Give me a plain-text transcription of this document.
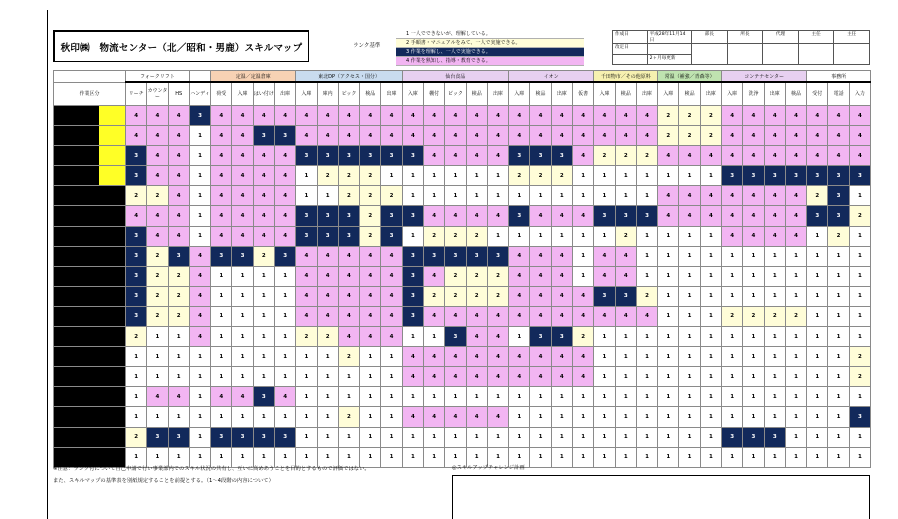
秋印㈱　物流センター（北／昭和・男鹿）スキルマップ	ランク基準
1 一人でできないが、理解している。
2 手順書・マニュアルをみて、一人で実施できる。
3 作業を理解し、一人で実施できる。
4 作業を熟知し、指導・教育できる。
作成日	平成28年11月14日	部長	所長	代理	主任	主任
改定日						
	2ヶ月毎更新					
	フォークリフト				定温／定温倉庫				東北DP（アクセス・国分）					仙台食品					イオン				千田物市／その他原料			常温（補強／青森等）			コンテナセンター				事務所		
作業区分	リーチ	カウンター	HS	ハンディ	荷受	入庫	はい付け	出庫	入庫	庫内	ピック	検品	出庫	入庫	棚付	ピック	検品	出庫	入庫	検品	出庫	仮書	入庫	検品	出庫	入庫	検品	出庫	入庫	洗浄	出庫	検品	受付	電話	入力
	4	4	4	3	4	4	4	4	4	4	4	4	4	4	4	4	4	4	4	4	4	4	4	4	4	2	2	2	4	4	4	4	4	4	4
	4	4	4	1	4	4	3	3	4	4	4	4	4	4	4	4	4	4	4	4	4	4	4	4	4	2	2	2	4	4	4	4	4	4	4
	3	4	4	1	4	4	4	4	3	3	3	3	3	3	4	4	4	4	3	3	3	4	2	2	2	4	4	4	4	4	4	4	4	4	4
	3	4	4	1	4	4	4	4	1	2	2	2	1	1	1	1	1	1	2	2	2	1	1	1	1	1	1	1	3	3	3	3	3	3	3
	2	2	4	1	4	4	4	4	1	1	2	2	2	1	1	1	1	1	1	1	1	1	1	1	1	4	4	4	4	4	4	4	2	3	1
	4	4	4	1	4	4	4	4	3	3	3	2	3	3	4	4	4	4	3	4	4	4	3	3	3	4	4	4	4	4	4	4	3	3	2
	3	4	4	1	4	4	4	4	3	3	3	2	3	1	2	2	2	1	1	1	1	1	1	2	1	1	1	1	4	4	4	4	1	2	1
	3	2	3	4	3	3	2	3	4	4	4	4	4	3	3	3	3	3	4	4	4	1	4	4	1	1	1	1	1	1	1	1	1	1	1
	3	2	2	4	1	1	1	1	4	4	4	4	4	3	4	2	2	2	4	4	4	1	4	4	1	1	1	1	1	1	1	1	1	1	1
	3	2	2	4	1	1	1	1	4	4	4	4	4	3	2	2	2	2	4	4	4	4	3	3	2	1	1	1	1	1	1	1	1	1	1
	3	2	2	4	1	1	1	1	4	4	4	4	4	3	4	4	4	4	4	4	4	4	4	4	4	1	1	1	2	2	2	2	1	1	1
	2	1	1	4	1	1	1	1	2	2	4	4	4	1	1	3	4	4	1	3	3	2	1	1	1	1	1	1	1	1	1	1	1	1	1
	1	1	1	1	1	1	1	1	1	1	2	1	1	4	4	4	4	4	4	4	4	4	1	1	1	1	1	1	1	1	1	1	1	1	2
	1	1	1	1	1	1	1	1	1	1	1	1	1	4	4	4	4	4	4	4	4	4	1	1	1	1	1	1	1	1	1	1	1	1	2
	1	4	4	1	4	4	3	4	1	1	1	1	1	1	1	1	1	1	1	1	1	1	1	1	1	1	1	1	1	1	1	1	1	1	1
	1	1	1	1	1	1	1	1	1	1	2	1	1	4	4	4	4	4	1	1	1	1	1	1	1	1	1	1	1	1	1	1	1	1	3
	2	3	3	1	3	3	3	3	1	1	1	1	1	1	1	1	1	1	1	1	1	1	1	1	1	1	1	1	3	3	3	1	1	1	1
	1	1	1	1	1	1	1	1	1	1	1	1	1	1	1	1	1	1	1	1	1	1	1	1	1	1	1	1	1	1	1	1	1	1	1
※注意：ランク付について自己申請で行い事業部内でのスキル状況の共有し、互いに高めあうことを目的とするもので評価ではない。
また、スキルマップの基準表を別紙規定することを前提とする。（1～4段階の内容について）
◎スキルアップチャレンジ計画
